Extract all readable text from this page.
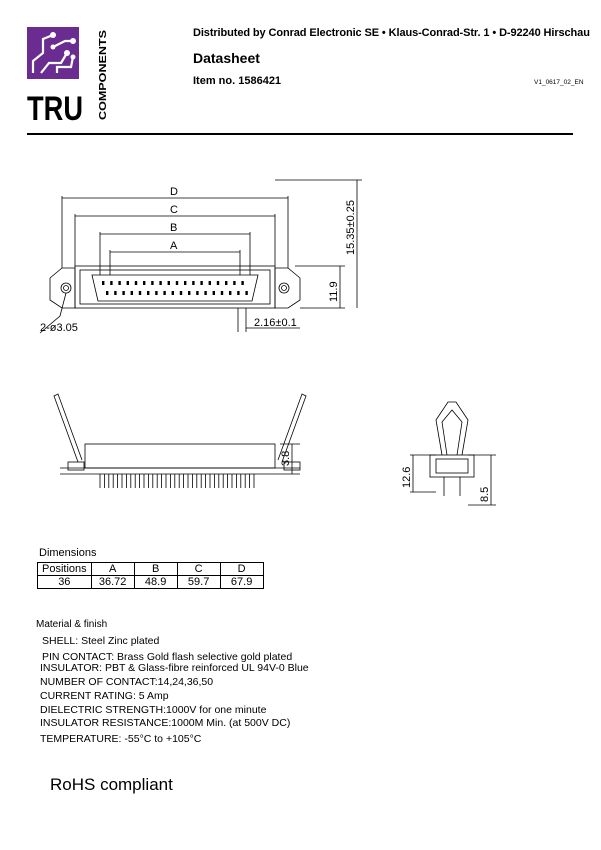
TRU COMPONENTS
Distributed by Conrad Electronic SE • Klaus-Conrad-Str. 1 • D-92240 Hirschau
Datasheet
Item no. 1586421	V1_0617_02_EN
D
C
B
A	15.35±0.25
11.9
2-ø3.05	2.16±0.1
3.8
12.6
8.5
Dimensions
Positions	A	B	C	D
36	36.72	48.9	59.7	67.9
Material & finish
SHELL: Steel Zinc plated
PIN CONTACT: Brass Gold flash selective gold plated
INSULATOR: PBT & Glass-fibre reinforced UL 94V-0 Blue
NUMBER OF CONTACT:14,24,36,50
CURRENT RATING: 5 Amp
DIELECTRIC STRENGTH:1000V for one minute
INSULATOR RESISTANCE:1000M Min. (at 500V DC)
TEMPERATURE: -55°C to +105°C
RoHS compliant
